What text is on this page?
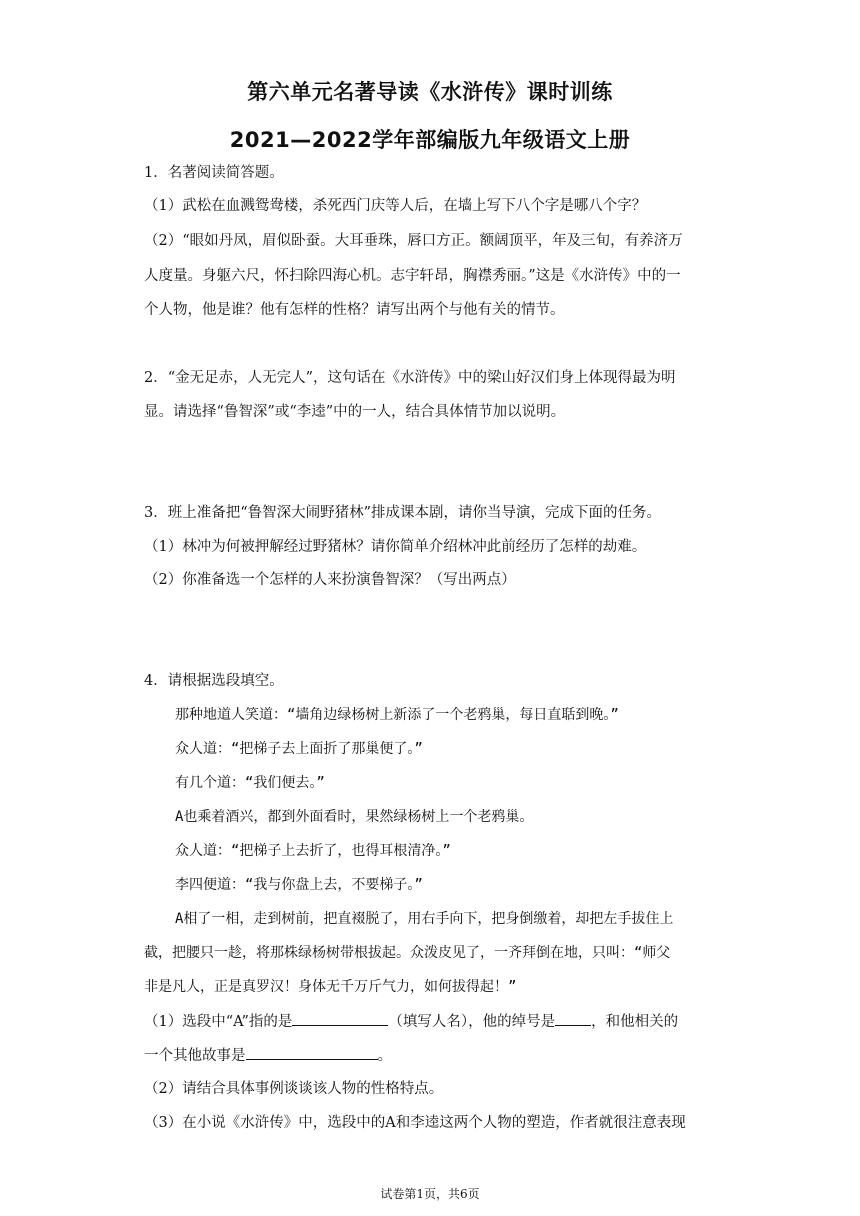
第六单元名著导读《水浒传》课时训练
2021—2022学年部编版九年级语文上册
1．名著阅读简答题。
（1）武松在血溅鸳鸯楼，杀死西门庆等人后，在墙上写下八个字是哪八个字？
（2）“眼如丹凤，眉似卧蚕。大耳垂珠，唇口方正。额阔顶平，年及三旬，有养济万
人度量。身躯六尺，怀扫除四海心机。志宇轩昂，胸襟秀丽。”这是《水浒传》中的一
个人物，他是谁？他有怎样的性格？请写出两个与他有关的情节。
2．“金无足赤，人无完人”，这句话在《水浒传》中的梁山好汉们身上体现得最为明
显。请选择“鲁智深”或“李逵”中的一人，结合具体情节加以说明。
3．班上准备把“鲁智深大闹野猪林”排成课本剧，请你当导演，完成下面的任务。
（1）林冲为何被押解经过野猪林？请你简单介绍林冲此前经历了怎样的劫难。
（2）你准备选一个怎样的人来扮演鲁智深？（写出两点）
4．请根据选段填空。
那种地道人笑道：“墙角边绿杨树上新添了一个老鸦巢，每日直聒到晚。”
众人道：“把梯子去上面折了那巢便了。”
有几个道：“我们便去。”
A也乘着酒兴，都到外面看时，果然绿杨树上一个老鸦巢。
众人道：“把梯子上去折了，也得耳根清净。”
李四便道：“我与你盘上去，不要梯子。”
A相了一相，走到树前，把直裰脱了，用右手向下，把身倒缴着，却把左手拔住上
截，把腰只一趁，将那株绿杨树带根拔起。众泼皮见了，一齐拜倒在地，只叫：“师父
非是凡人，正是真罗汉！身体无千万斤气力，如何拔得起！”
（1）选段中“A”指的是	（填写人名），他的绰号是 ，和他相关的
一个其他故事是	。
（2）请结合具体事例谈谈该人物的性格特点。
（3）在小说《水浒传》中，选段中的A和李逵这两个人物的塑造，作者就很注意表现
试卷第1页，共6页
